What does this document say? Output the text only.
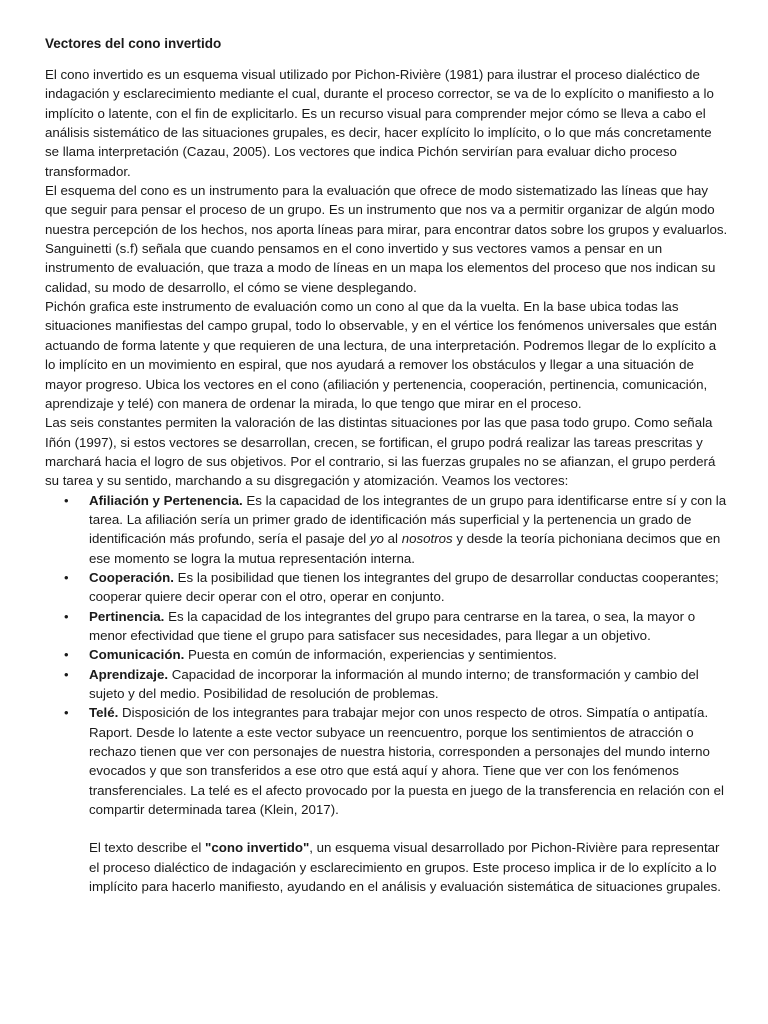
Vectores del cono invertido

El cono invertido es un esquema visual utilizado por Pichon-Rivière (1981) para ilustrar el proceso dialéctico de indagación y esclarecimiento mediante el cual, durante el proceso corrector, se va de lo explícito o manifiesto a lo implícito o latente, con el fin de explicitarlo. Es un recurso visual para comprender mejor cómo se lleva a cabo el análisis sistemático de las situaciones grupales, es decir, hacer explícito lo implícito, o lo que más concretamente se llama interpretación (Cazau, 2005). Los vectores que indica Pichón servirían para evaluar dicho proceso transformador.

El esquema del cono es un instrumento para la evaluación que ofrece de modo sistematizado las líneas que hay que seguir para pensar el proceso de un grupo. Es un instrumento que nos va a permitir organizar de algún modo nuestra percepción de los hechos, nos aporta líneas para mirar, para encontrar datos sobre los grupos y evaluarlos.

Sanguinetti (s.f) señala que cuando pensamos en el cono invertido y sus vectores vamos a pensar en un instrumento de evaluación, que traza a modo de líneas en un mapa los elementos del proceso que nos indican su calidad, su modo de desarrollo, el cómo se viene desplegando.

Pichón grafica este instrumento de evaluación como un cono al que da la vuelta. En la base ubica todas las situaciones manifiestas del campo grupal, todo lo observable, y en el vértice los fenómenos universales que están actuando de forma latente y que requieren de una lectura, de una interpretación. Podremos llegar de lo explícito a lo implícito en un movimiento en espiral, que nos ayudará a remover los obstáculos y llegar a una situación de mayor progreso. Ubica los vectores en el cono (afiliación y pertenencia, cooperación, pertinencia, comunicación, aprendizaje y telé) con manera de ordenar la mirada, lo que tengo que mirar en el proceso.

Las seis constantes permiten la valoración de las distintas situaciones por las que pasa todo grupo. Como señala Iñón (1997), si estos vectores se desarrollan, crecen, se fortifican, el grupo podrá realizar las tareas prescritas y marchará hacia el logro de sus objetivos. Por el contrario, si las fuerzas grupales no se afianzan, el grupo perderá su tarea y su sentido, marchando a su disgregación y atomización. Veamos los vectores:

• Afiliación y Pertenencia. Es la capacidad de los integrantes de un grupo para identificarse entre sí y con la tarea. La afiliación sería un primer grado de identificación más superficial y la pertenencia un grado de identificación más profundo, sería el pasaje del yo al nosotros y desde la teoría pichoniana decimos que en ese momento se logra la mutua representación interna.
• Cooperación. Es la posibilidad que tienen los integrantes del grupo de desarrollar conductas cooperantes; cooperar quiere decir operar con el otro, operar en conjunto.
• Pertinencia. Es la capacidad de los integrantes del grupo para centrarse en la tarea, o sea, la mayor o menor efectividad que tiene el grupo para satisfacer sus necesidades, para llegar a un objetivo.
• Comunicación. Puesta en común de información, experiencias y sentimientos.
• Aprendizaje. Capacidad de incorporar la información al mundo interno; de transformación y cambio del sujeto y del medio. Posibilidad de resolución de problemas.
• Telé. Disposición de los integrantes para trabajar mejor con unos respecto de otros. Simpatía o antipatía. Raport. Desde lo latente a este vector subyace un reencuentro, porque los sentimientos de atracción o rechazo tienen que ver con personajes de nuestra historia, corresponden a personajes del mundo interno evocados y que son transferidos a ese otro que está aquí y ahora. Tiene que ver con los fenómenos transferenciales. La telé es el afecto provocado por la puesta en juego de la transferencia en relación con el compartir determinada tarea (Klein, 2017).

El texto describe el "cono invertido", un esquema visual desarrollado por Pichon-Rivière para representar el proceso dialéctico de indagación y esclarecimiento en grupos. Este proceso implica ir de lo explícito a lo implícito para hacerlo manifiesto, ayudando en el análisis y evaluación sistemática de situaciones grupales.
